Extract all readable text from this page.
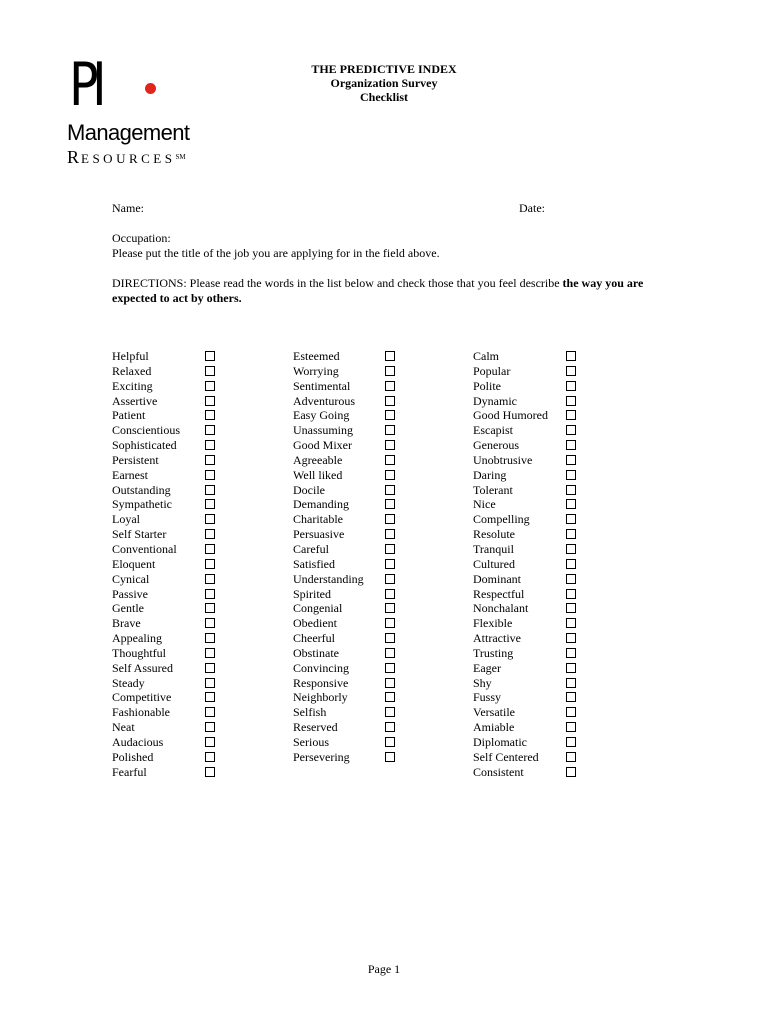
PI
Management
RESOURCES℠
THE PREDICTIVE INDEX
Organization Survey
Checklist
Name:	Date:
Occupation:
Please put the title of the job you are applying for in the field above.
DIRECTIONS: Please read the words in the list below and check those that you feel describe the way you are expected to act by others.
Helpful
Relaxed
Exciting
Assertive
Patient
Conscientious
Sophisticated
Persistent
Earnest
Outstanding
Sympathetic
Loyal
Self Starter
Conventional
Eloquent
Cynical
Passive
Gentle
Brave
Appealing
Thoughtful
Self Assured
Steady
Competitive
Fashionable
Neat
Audacious
Polished
Fearful
Esteemed
Worrying
Sentimental
Adventurous
Easy Going
Unassuming
Good Mixer
Agreeable
Well liked
Docile
Demanding
Charitable
Persuasive
Careful
Satisfied
Understanding
Spirited
Congenial
Obedient
Cheerful
Obstinate
Convincing
Responsive
Neighborly
Selfish
Reserved
Serious
Persevering
Calm
Popular
Polite
Dynamic
Good Humored
Escapist
Generous
Unobtrusive
Daring
Tolerant
Nice
Compelling
Resolute
Tranquil
Cultured
Dominant
Respectful
Nonchalant
Flexible
Attractive
Trusting
Eager
Shy
Fussy
Versatile
Amiable
Diplomatic
Self Centered
Consistent
Page 1
